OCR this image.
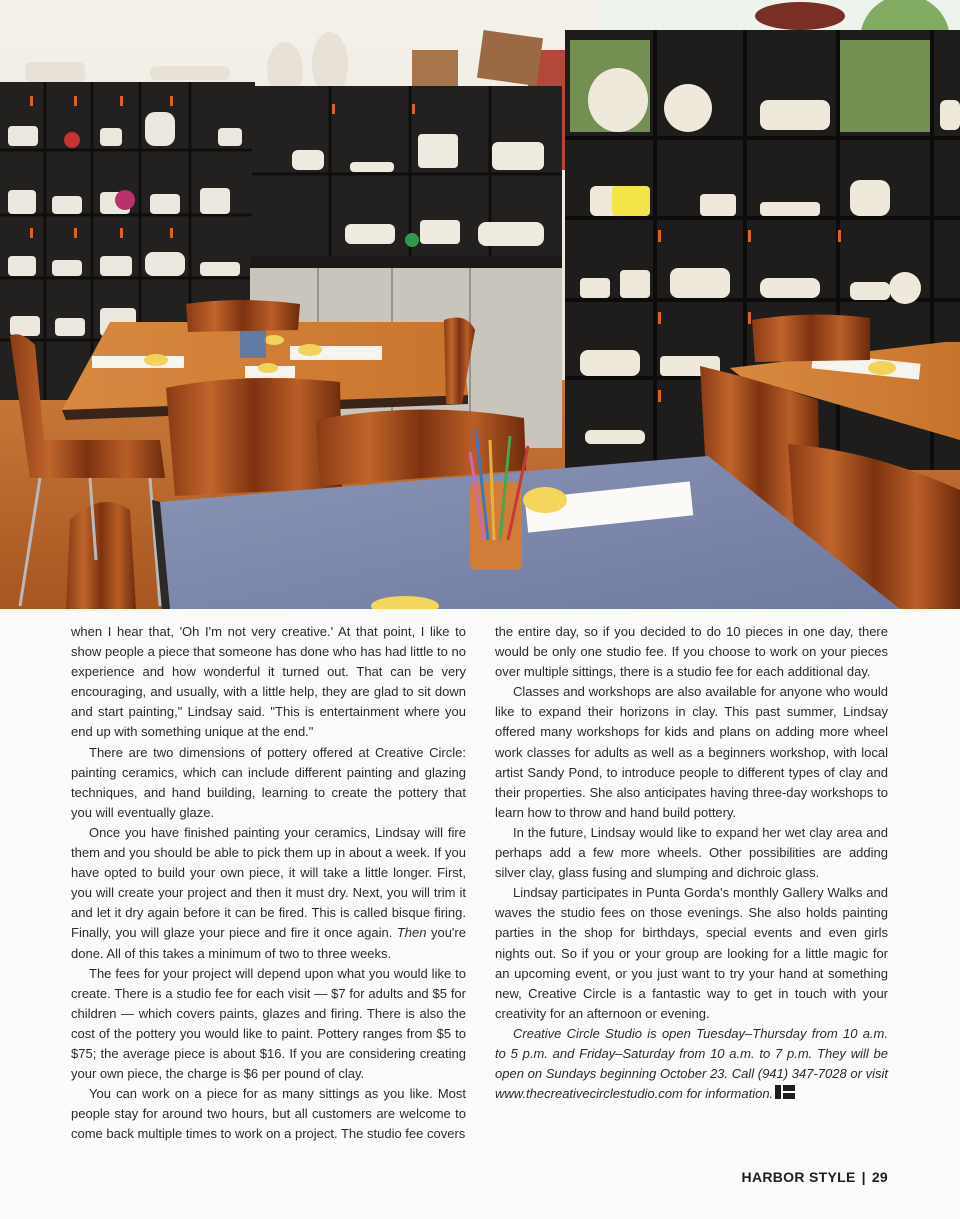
when I hear that, 'Oh I'm not very creative.' At that point, I like to show people a piece that someone has done who has had little to no experience and how wonderful it turned out. That can be very encouraging, and usually, with a little help, they are glad to sit down and start painting," Lindsay said. "This is entertainment where you end up with something unique at the end."

There are two dimensions of pottery offered at Creative Circle: painting ceramics, which can include different painting and glazing techniques, and hand building, learning to create the pottery that you will eventually glaze.

Once you have finished painting your ceramics, Lindsay will fire them and you should be able to pick them up in about a week. If you have opted to build your own piece, it will take a little longer. First, you will create your project and then it must dry. Next, you will trim it and let it dry again before it can be fired. This is called bisque firing. Finally, you will glaze your piece and fire it once again. Then you're done. All of this takes a minimum of two to three weeks.

The fees for your project will depend upon what you would like to create. There is a studio fee for each visit — $7 for adults and $5 for children — which covers paints, glazes and firing. There is also the cost of the pottery you would like to paint. Pottery ranges from $5 to $75; the average piece is about $16. If you are considering creating your own piece, the charge is $6 per pound of clay.

You can work on a piece for as many sittings as you like. Most people stay for around two hours, but all customers are welcome to come back multiple times to work on a project. The studio fee covers

the entire day, so if you decided to do 10 pieces in one day, there would be only one studio fee. If you choose to work on your pieces over multiple sittings, there is a studio fee for each additional day.

Classes and workshops are also available for anyone who would like to expand their horizons in clay. This past summer, Lindsay offered many workshops for kids and plans on adding more wheel work classes for adults as well as a beginners workshop, with local artist Sandy Pond, to introduce people to different types of clay and their properties. She also anticipates having three-day workshops to learn how to throw and hand build pottery.

In the future, Lindsay would like to expand her wet clay area and perhaps add a few more wheels. Other possibilities are adding silver clay, glass fusing and slumping and dichroic glass.

Lindsay participates in Punta Gorda's monthly Gallery Walks and waves the studio fees on those evenings. She also holds painting parties in the shop for birthdays, special events and even girls nights out. So if you or your group are looking for a little magic for an upcoming event, or you just want to try your hand at something new, Creative Circle is a fantastic way to get in touch with your creativity for an afternoon or evening.

Creative Circle Studio is open Tuesday–Thursday from 10 a.m. to 5 p.m. and Friday–Saturday from 10 a.m. to 7 p.m. They will be open on Sundays beginning October 23. Call (941) 347-7028 or visit www.thecreativecirclestudio.com for information.

HARBOR STYLE | 29
